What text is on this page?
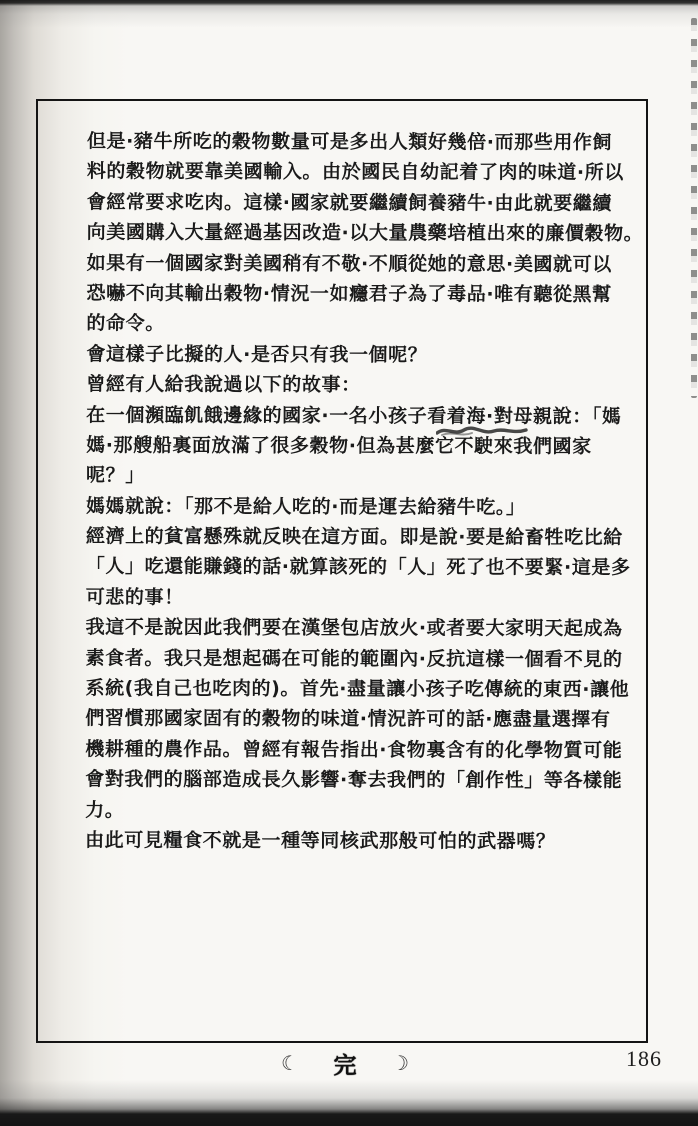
但是·豬牛所吃的穀物數量可是多出人類好幾倍·而那些用作飼
料的穀物就要靠美國輸入。由於國民自幼記着了肉的味道·所以
會經常要求吃肉。這樣·國家就要繼續飼養豬牛·由此就要繼續
向美國購入大量經過基因改造·以大量農藥培植出來的廉價穀物。
如果有一個國家對美國稍有不敬·不順從她的意思·美國就可以
恐嚇不向其輸出穀物·情況一如癮君子為了毒品·唯有聽從黑幫
的命令。
會這樣子比擬的人·是否只有我一個呢？
曾經有人給我說過以下的故事：
在一個瀕臨飢餓邊緣的國家·一名小孩子看着海·對母親說：「媽
媽·那艘船裏面放滿了很多穀物·但為甚麼它不駛來我們國家
呢？」
媽媽就說：「那不是給人吃的·而是運去給豬牛吃。」
經濟上的貧富懸殊就反映在這方面。即是說·要是給畜牲吃比給
「人」吃還能賺錢的話·就算該死的「人」死了也不要緊·這是多
可悲的事！
我這不是說因此我們要在漢堡包店放火·或者要大家明天起成為
素食者。我只是想起碼在可能的範圍內·反抗這樣一個看不見的
系統(我自己也吃肉的)。首先·盡量讓小孩子吃傳統的東西·讓他
們習慣那國家固有的穀物的味道·情況許可的話·應盡量選擇有
機耕種的農作品。曾經有報告指出·食物裏含有的化學物質可能
會對我們的腦部造成長久影響·奪去我們的「創作性」等各樣能
力。
由此可見糧食不就是一種等同核武那般可怕的武器嗎？
☾ 完 ☽	186
